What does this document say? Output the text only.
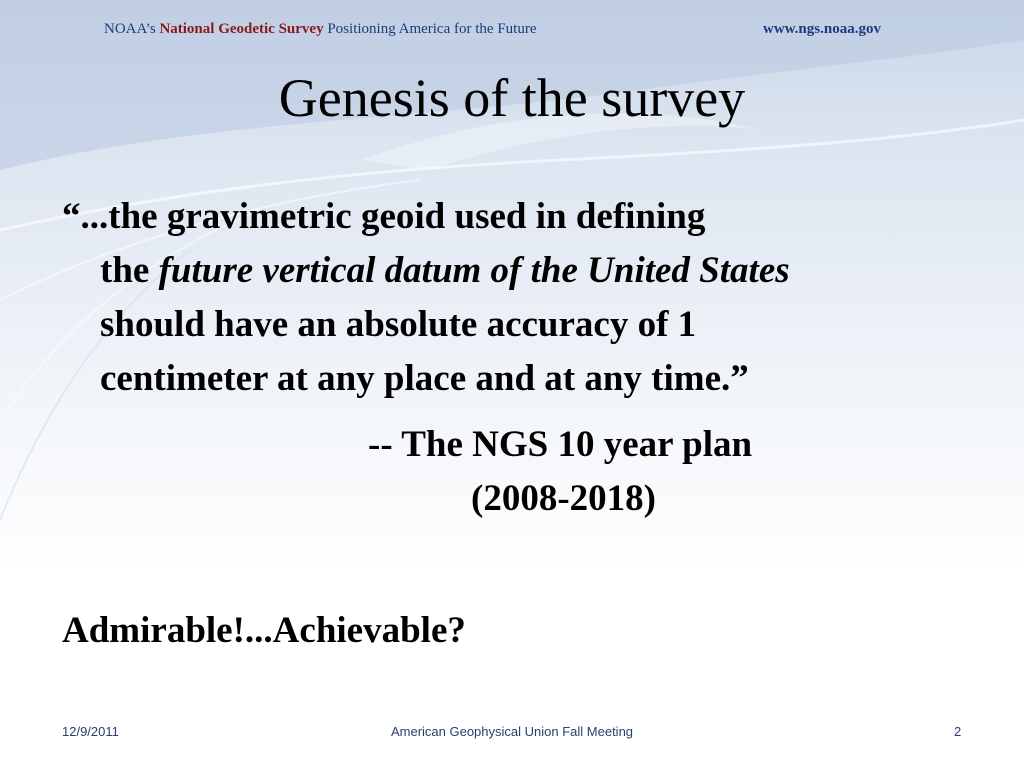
NOAA’s National Geodetic Survey Positioning America for the Future	www.ngs.noaa.gov
Genesis of the survey
“...the gravimetric geoid used in defining
the future vertical datum of the United States
should have an absolute accuracy of 1
centimeter at any place and at any time.”
-- The NGS 10 year plan
(2008-2018)
Admirable!...Achievable?
12/9/2011	American Geophysical Union Fall Meeting	2
